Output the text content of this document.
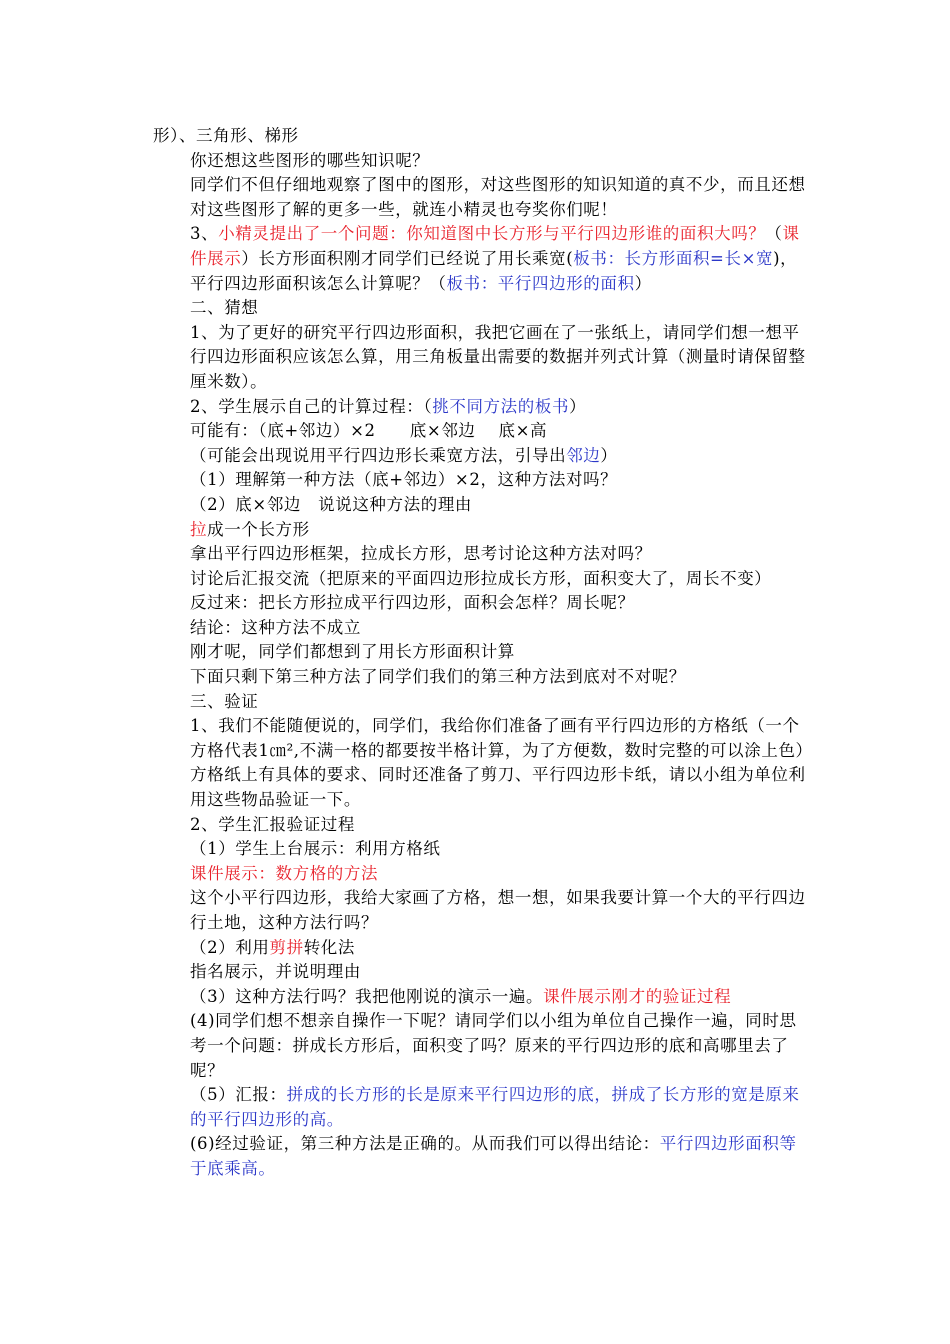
形）、三角形、梯形

你还想这些图形的哪些知识呢？

同学们不但仔细地观察了图中的图形，对这些图形的知识知道的真不少，而且还想对这些图形了解的更多一些，就连小精灵也夸奖你们呢！

3、小精灵提出了一个问题：你知道图中长方形与平行四边形谁的面积大吗？（课件展示）长方形面积刚才同学们已经说了用长乘宽(板书：长方形面积=长×宽)，平行四边形面积该怎么计算呢？（板书：平行四边形的面积）

二、猜想

1、为了更好的研究平行四边形面积，我把它画在了一张纸上，请同学们想一想平行四边形面积应该怎么算，用三角板量出需要的数据并列式计算（测量时请保留整厘米数）。

2、学生展示自己的计算过程：（挑不同方法的板书）

可能有：（底+邻边）×2　　底×邻边　 底×高

（可能会出现说用平行四边形长乘宽方法，引导出邻边）

（1）理解第一种方法（底+邻边）×2，这种方法对吗？

（2）底×邻边　说说这种方法的理由

拉成一个长方形

拿出平行四边形框架，拉成长方形，思考讨论这种方法对吗？

讨论后汇报交流（把原来的平面四边形拉成长方形，面积变大了，周长不变）

反过来：把长方形拉成平行四边形，面积会怎样？周长呢？

结论：这种方法不成立

刚才呢，同学们都想到了用长方形面积计算

下面只剩下第三种方法了同学们我们的第三种方法到底对不对呢？

三、验证

1、我们不能随便说的，同学们，我给你们准备了画有平行四边形的方格纸（一个方格代表1㎝²,不满一格的都要按半格计算，为了方便数，数时完整的可以涂上色）方格纸上有具体的要求、同时还准备了剪刀、平行四边形卡纸，请以小组为单位利用这些物品验证一下。

2、学生汇报验证过程

（1）学生上台展示：利用方格纸

课件展示：数方格的方法

这个小平行四边形，我给大家画了方格，想一想，如果我要计算一个大的平行四边行土地，这种方法行吗？

（2）利用剪拼转化法

指名展示，并说明理由

（3）这种方法行吗？我把他刚说的演示一遍。课件展示刚才的验证过程

(4)同学们想不想亲自操作一下呢？请同学们以小组为单位自己操作一遍，同时思考一个问题：拼成长方形后，面积变了吗？原来的平行四边形的底和高哪里去了呢？

（5）汇报：拼成的长方形的长是原来平行四边形的底，拼成了长方形的宽是原来的平行四边形的高。

(6)经过验证，第三种方法是正确的。从而我们可以得出结论：平行四边形面积等于底乘高。
